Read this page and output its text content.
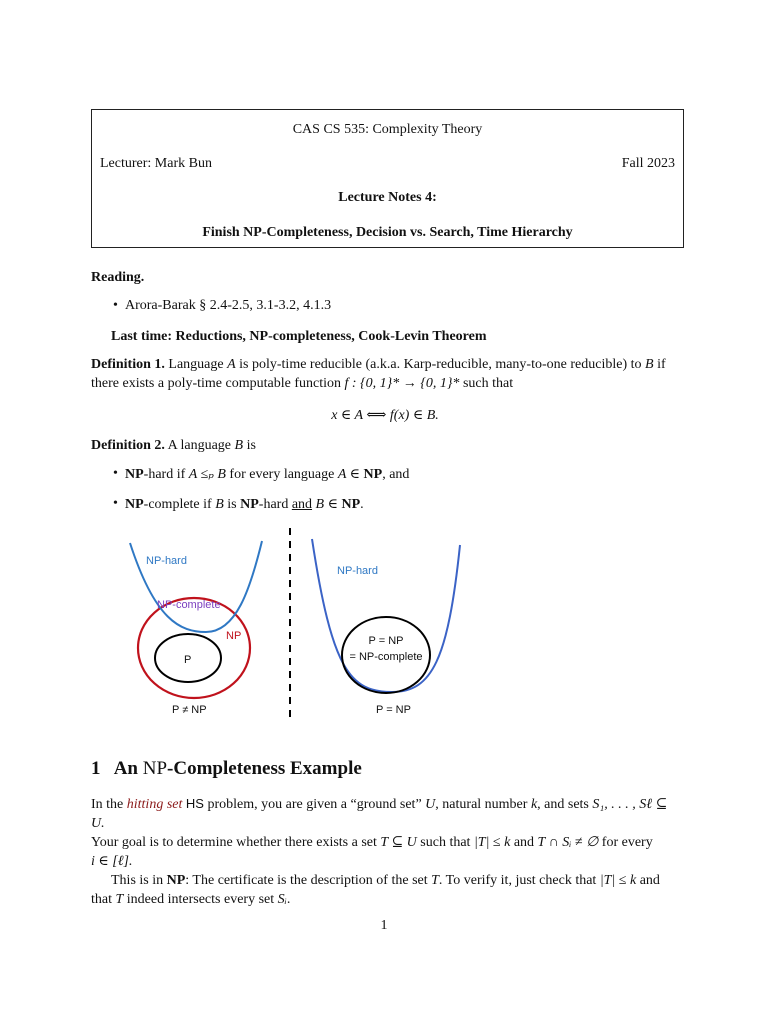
CAS CS 535: Complexity Theory
Lecturer: Mark Bun	Fall 2023
Lecture Notes 4:
Finish NP-Completeness, Decision vs. Search, Time Hierarchy
Reading.
• Arora-Barak § 2.4-2.5, 3.1-3.2, 4.1.3
Last time: Reductions, NP-completeness, Cook-Levin Theorem
Definition 1. Language A is poly-time reducible (a.k.a. Karp-reducible, many-to-one reducible) to B if
there exists a poly-time computable function f : {0, 1}* → {0, 1}* such that
x ∈ A ⟺ f(x) ∈ B.
Definition 2. A language B is
• NP-hard if A ≤ₚ B for every language A ∈ NP, and
• NP-complete if B is NP-hard and B ∈ NP.
NP-hard
NP-complete
NP
P
P ≠ NP
NP-hard
P = NP
= NP-complete
P = NP
1 An NP-Completeness Example
In the hitting set HS problem, you are given a “ground set” U, natural number k, and sets S₁, . . . , Sℓ ⊆ U.
Your goal is to determine whether there exists a set T ⊆ U such that |T| ≤ k and T ∩ Sᵢ ≠ ∅ for every
i ∈ [ℓ].
This is in NP: The certificate is the description of the set T. To verify it, just check that |T| ≤ k and
that T indeed intersects every set Sᵢ.
1
